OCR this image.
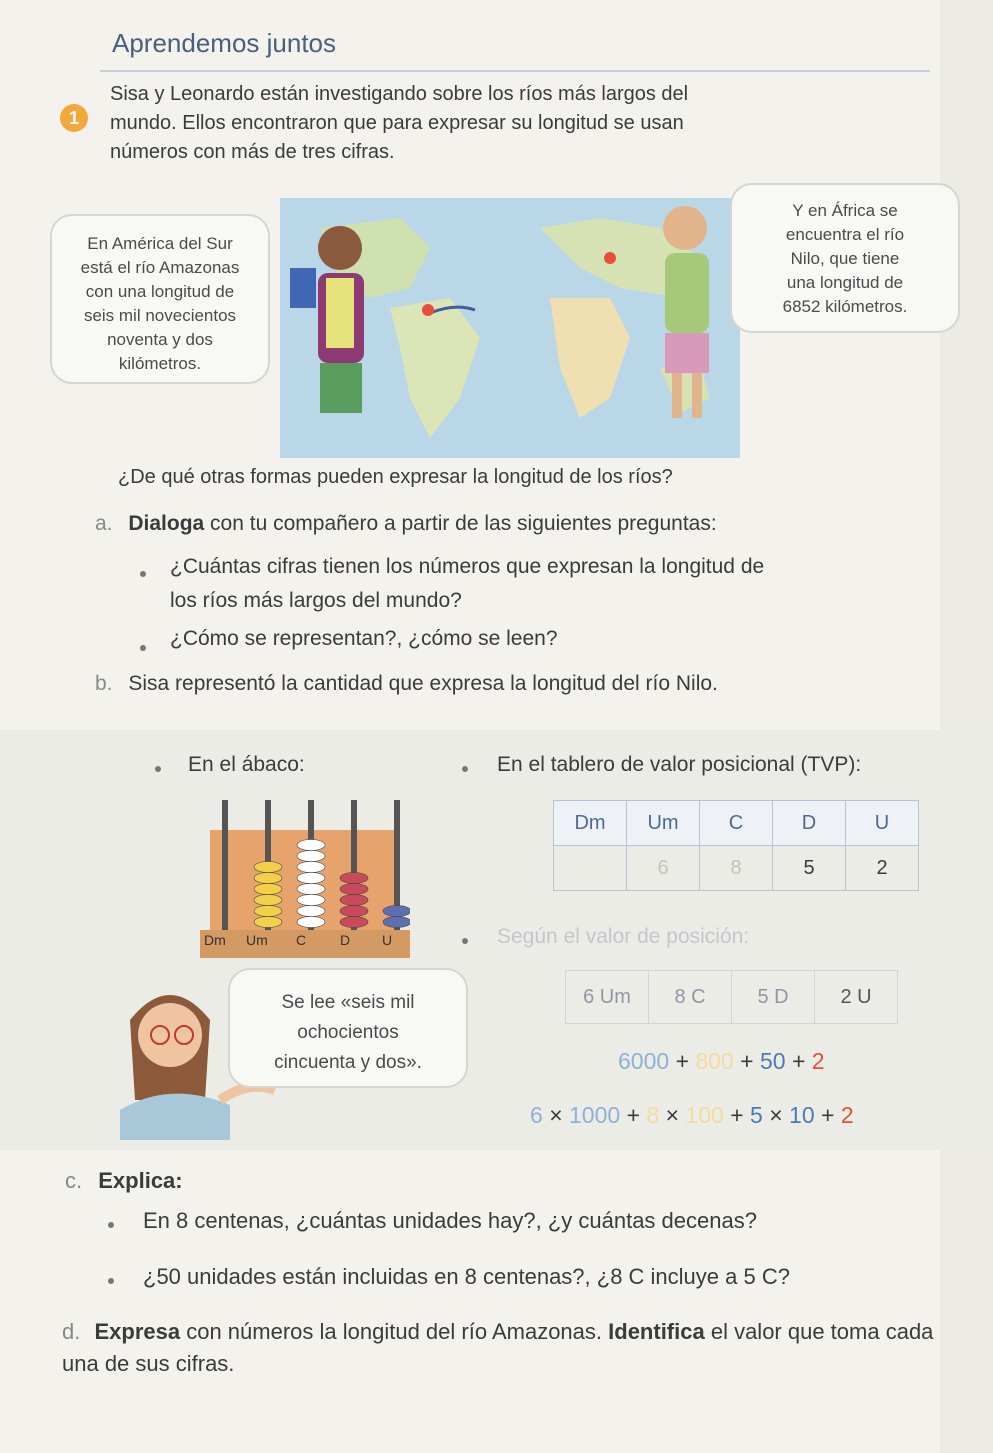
Aprendemos juntos
1
Sisa y Leonardo están investigando sobre los ríos más largos del
mundo. Ellos encontraron que para expresar su longitud se usan
números con más de tres cifras.
En América del Sur
está el río Amazonas
con una longitud de
seis mil novecientos
noventa y dos
kilómetros.
Y en África se
encuentra el río
Nilo, que tiene
una longitud de
6852 kilómetros.
¿De qué otras formas pueden expresar la longitud de los ríos?
a. Dialoga con tu compañero a partir de las siguientes preguntas:
¿Cuántas cifras tienen los números que expresan la longitud de
los ríos más largos del mundo?
¿Cómo se representan?, ¿cómo se leen?
b. Sisa representó la cantidad que expresa la longitud del río Nilo.
En el ábaco:	En el tablero de valor posicional (TVP):
Dm Um C D U
Dm	Um	C	D	U
	6	8	5	2
Según el valor de posición:
6 Um	8 C	5 D	2 U
Se lee «seis mil
ochocientos
cincuenta y dos».	6000 + 800 + 50 + 2
6 × 1000 + 8 × 100 + 5 × 10 + 2
c. Explica:
En 8 centenas, ¿cuántas unidades hay?, ¿y cuántas decenas?
¿50 unidades están incluidas en 8 centenas?, ¿8 C incluye a 5 C?
d. Expresa con números la longitud del río Amazonas. Identifica el valor que toma cada una de sus cifras.
